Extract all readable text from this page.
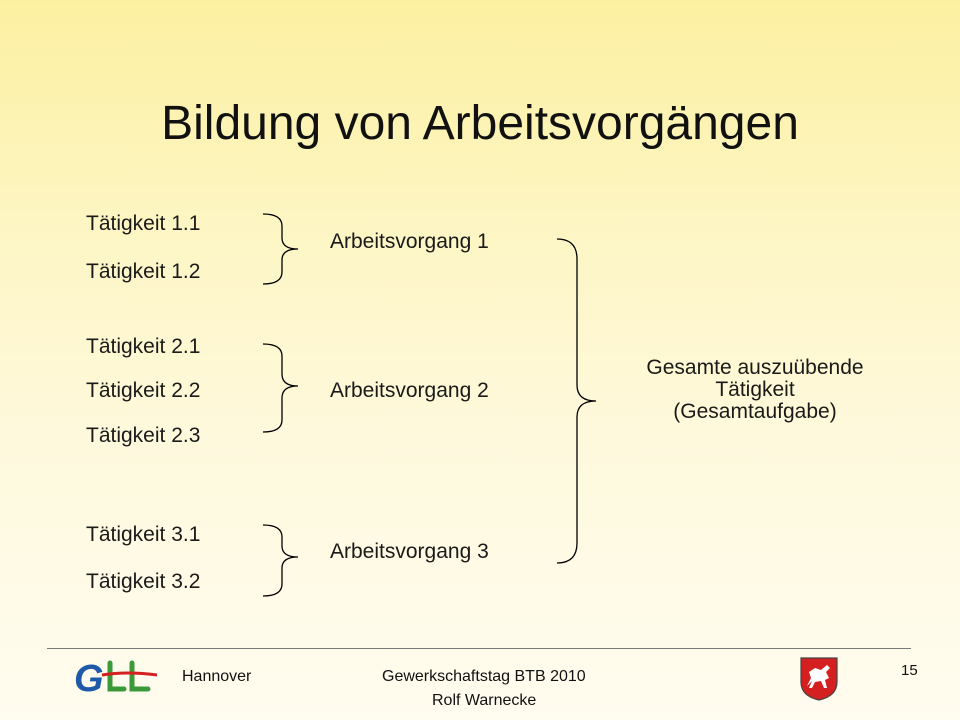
Bildung von Arbeitsvorgängen
Tätigkeit 1.1
Tätigkeit 1.2
Tätigkeit 2.1
Tätigkeit 2.2
Tätigkeit 2.3
Tätigkeit 3.1
Tätigkeit 3.2
Arbeitsvorgang 1
Arbeitsvorgang 2
Arbeitsvorgang 3
Gesamte auszuübende
Tätigkeit
(Gesamtaufgabe)
G	Hannover	Gewerkschaftstag BTB 2010
Rolf Warnecke
15
